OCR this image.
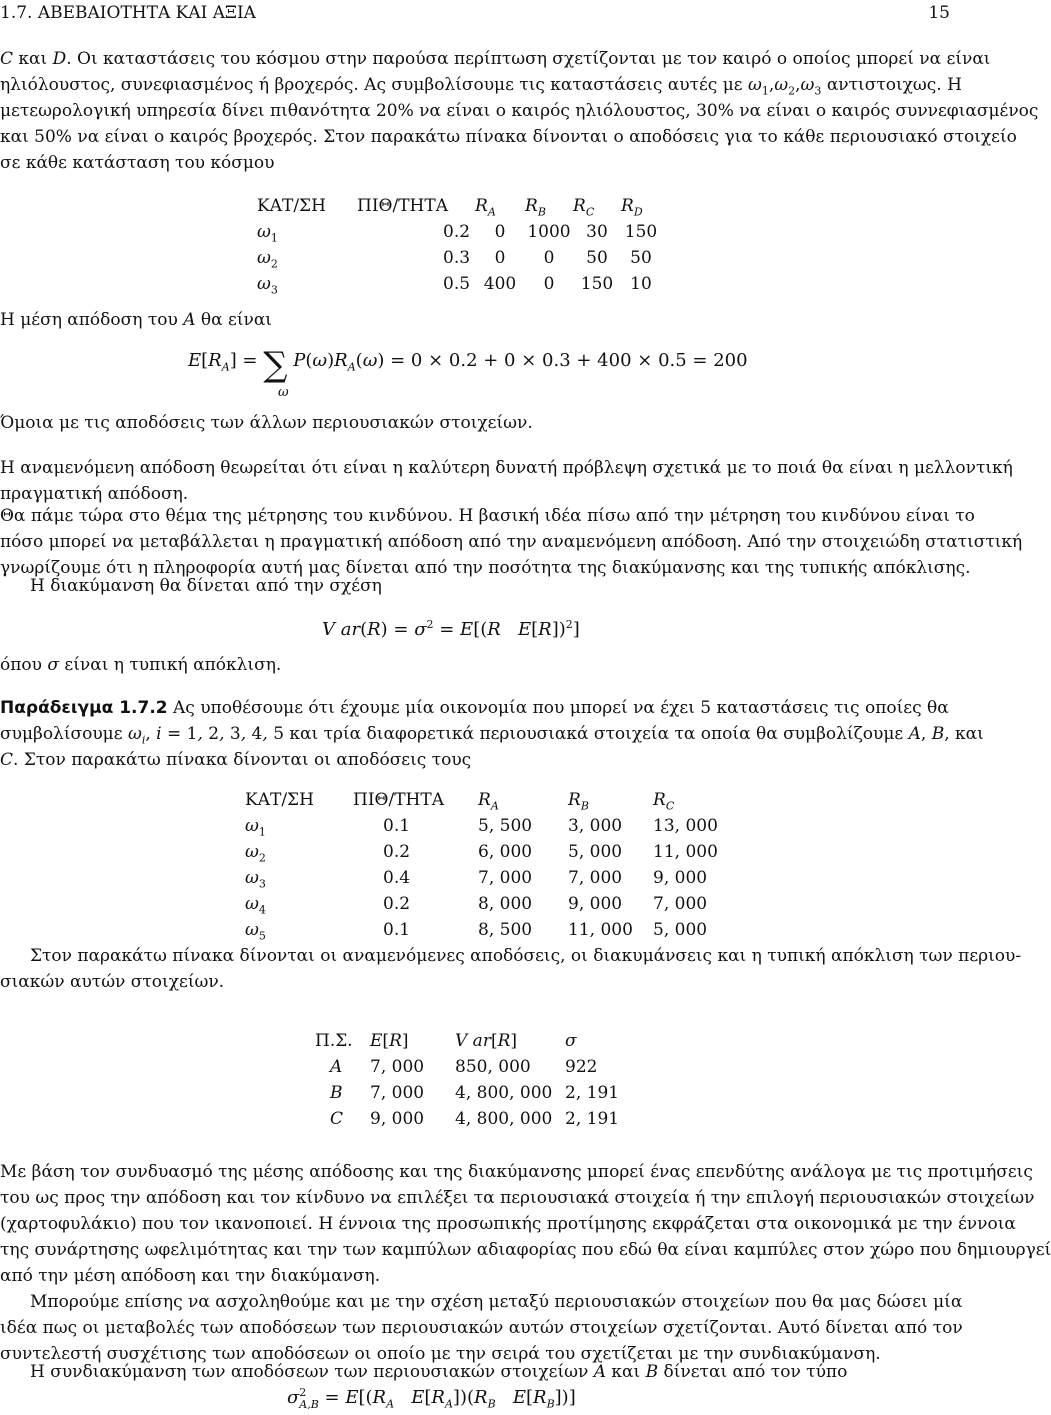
1.7. ΑΒΕΒΑΙΟΤΗΤΑ ΚΑΙ ΑΞΙΑ	15
C και D. Οι καταστάσεις του κόσμου στην παρούσα περίπτωση σχετίζονται με τον καιρό ο οποίος μπορεί να είναι
ηλιόλουστος, συνεφιασμένος ή βροχερός. Ας συμβολίσουμε τις καταστάσεις αυτές με $\omega_1,\omega_2,\omega_3$ αντιστοιχως. Η
μετεωρολογική υπηρεσία δίνει πιθανότητα 20% να είναι ο καιρός ηλιόλουστος, 30% να είναι ο καιρός συννεφιασμένος
και 50% να είναι ο καιρός βροχερός. Στον παρακάτω πίνακα δίνονται ο αποδόσεις για το κάθε περιουσιακό στοιχείο
σε κάθε κατάσταση του κόσμου
ΚΑΤ/ΣΗ	ΠΙΘ/ΤΗΤΑ	$R_A$	$R_B$	$R_C$	$R_D$
$\omega_1$	0.2	0	1000	30	150
$\omega_2$	0.3	0	0	50	50
$\omega_3$	0.5	400	0	150	10
Η μέση απόδοση του A θα είναι
$E[R_A]$ = ∑ $P(\omega)R_A(\omega) = 0 \times 0.2 + 0 \times 0.3 + 400 \times 0.5 = 200$
ω
Όμοια με τις αποδόσεις των άλλων περιουσιακών στοιχείων.
Η αναμενόμενη απόδοση θεωρείται ότι είναι η καλύτερη δυνατή πρόβλεψη σχετικά με το ποιά θα είναι η μελλοντική
πραγματική απόδοση.
Θα πάμε τώρα στο θέμα της μέτρησης του κινδύνου. Η βασική ιδέα πίσω από την μέτρηση του κινδύνου είναι το
πόσο μπορεί να μεταβάλλεται η πραγματική απόδοση από την αναμενόμενη απόδοση. Από την στοιχειώδη στατιστική
γνωρίζουμε ότι η πληροφορία αυτή μας δίνεται από την ποσότητα της διακύμανσης και της τυπικής απόκλισης.
Η διακύμανση θα δίνεται από την σχέση
V $ar(R) = \sigma^2 = E[(R$ E[R])$^2$]
όπου σ είναι η τυπική απόκλιση.
Παράδειγμα 1.7.2 Ας υποθέσουμε ότι έχουμε μία οικονομία που μπορεί να έχει 5 καταστάσεις τις οποίες θα
συμβολίσουμε $\omega_i$, i = 1, 2, 3, 4, 5 και τρία διαφορετικά περιουσιακά στοιχεία τα οποία θα συμβολίζουμε A, B, και
C. Στον παρακάτω πίνακα δίνονται οι αποδόσεις τους
ΚΑΤ/ΣΗ	ΠΙΘ/ΤΗΤΑ	$R_A$	$R_B$	$R_C$
$\omega_1$	0.1	5, 500	3, 000	13, 000
$\omega_2$	0.2	6, 000	5, 000	11, 000
$\omega_3$	0.4	7, 000	7, 000	9, 000
$\omega_4$	0.2	8, 000	9, 000	7, 000
$\omega_5$	0.1	8, 500	11, 000	5, 000
Στον παρακάτω πίνακα δίνονται οι αναμενόμενες αποδόσεις, οι διακυμάνσεις και η τυπική απόκλιση των περιου-
σιακών αυτών στοιχείων.
Π.Σ.	E[R]	V ar[R]	σ
A	7, 000	850, 000	922
B	7, 000	4, 800, 000	2, 191
C	9, 000	4, 800, 000	2, 191
Με βάση τον συνδυασμό της μέσης απόδοσης και της διακύμανσης μπορεί ένας επενδύτης ανάλογα με τις προτιμήσεις
του ως προς την απόδοση και τον κίνδυνο να επιλέξει τα περιουσιακά στοιχεία ή την επιλογή περιουσιακών στοιχείων
(χαρτοφυλάκιο) που τον ικανοποιεί. Η έννοια της προσωπικής προτίμησης εκφράζεται στα οικονομικά με την έννοια
της συνάρτησης ωφελιμότητας και την των καμπύλων αδιαφορίας που εδώ θα είναι καμπύλες στον χώρο που δημιουργεί
από την μέση απόδοση και την διακύμανση.
Μπορούμε επίσης να ασχοληθούμε και με την σχέση μεταξύ περιουσιακών στοιχείων που θα μας δώσει μία
ιδέα πως οι μεταβολές των αποδόσεων των περιουσιακών αυτών στοιχείων σχετίζονται. Αυτό δίνεται από τον
συντελεστή συσχέτισης των αποδόσεων οι οποίο με την σειρά του σχετίζεται με την συνδιακύμανση.
Η συνδιακύμανση των αποδόσεων των περιουσιακών στοιχείων A και B δίνεται από τον τύπο
$\sigma^2_{A,B} = E[(R_A$ $E[R_A])(R_B$ $E[R_B]$)]
